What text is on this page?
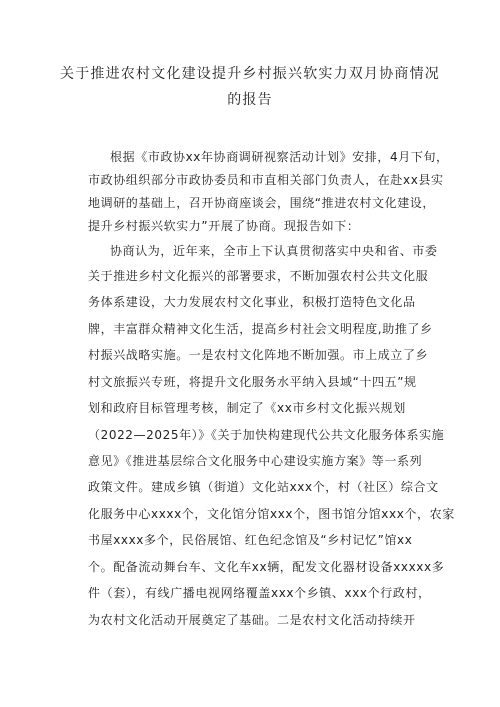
关于推进农村文化建设提升乡村振兴软实力双月协商情况
的报告
根据《市政协xx年协商调研视察活动计划》安排，4月下旬，
市政协组织部分市政协委员和市直相关部门负责人，在赴xx县实
地调研的基础上，召开协商座谈会，围绕“推进农村文化建设，
提升乡村振兴软实力”开展了协商。现报告如下：
协商认为，近年来，全市上下认真贯彻落实中央和省、市委
关于推进乡村文化振兴的部署要求，不断加强农村公共文化服
务体系建设，大力发展农村文化事业，积极打造特色文化品
牌，丰富群众精神文化生活，提高乡村社会文明程度,助推了乡
村振兴战略实施。一是农村文化阵地不断加强。市上成立了乡
村文旅振兴专班，将提升文化服务水平纳入县域“十四五”规
划和政府目标管理考核，制定了《xx市乡村文化振兴规划
（2022—2025年）》《关于加快构建现代公共文化服务体系实施
意见》《推进基层综合文化服务中心建设实施方案》等一系列
政策文件。建成乡镇（街道）文化站xxx个，村（社区）综合文
化服务中心xxxx个，文化馆分馆xxx个，图书馆分馆xxx个，农家
书屋xxxx多个，民俗展馆、红色纪念馆及“乡村记忆”馆xx
个。配备流动舞台车、文化车xx辆，配发文化器材设备xxxxx多
件（套），有线广播电视网络覆盖xxx个乡镇、xxx个行政村，
为农村文化活动开展奠定了基础。二是农村文化活动持续开
